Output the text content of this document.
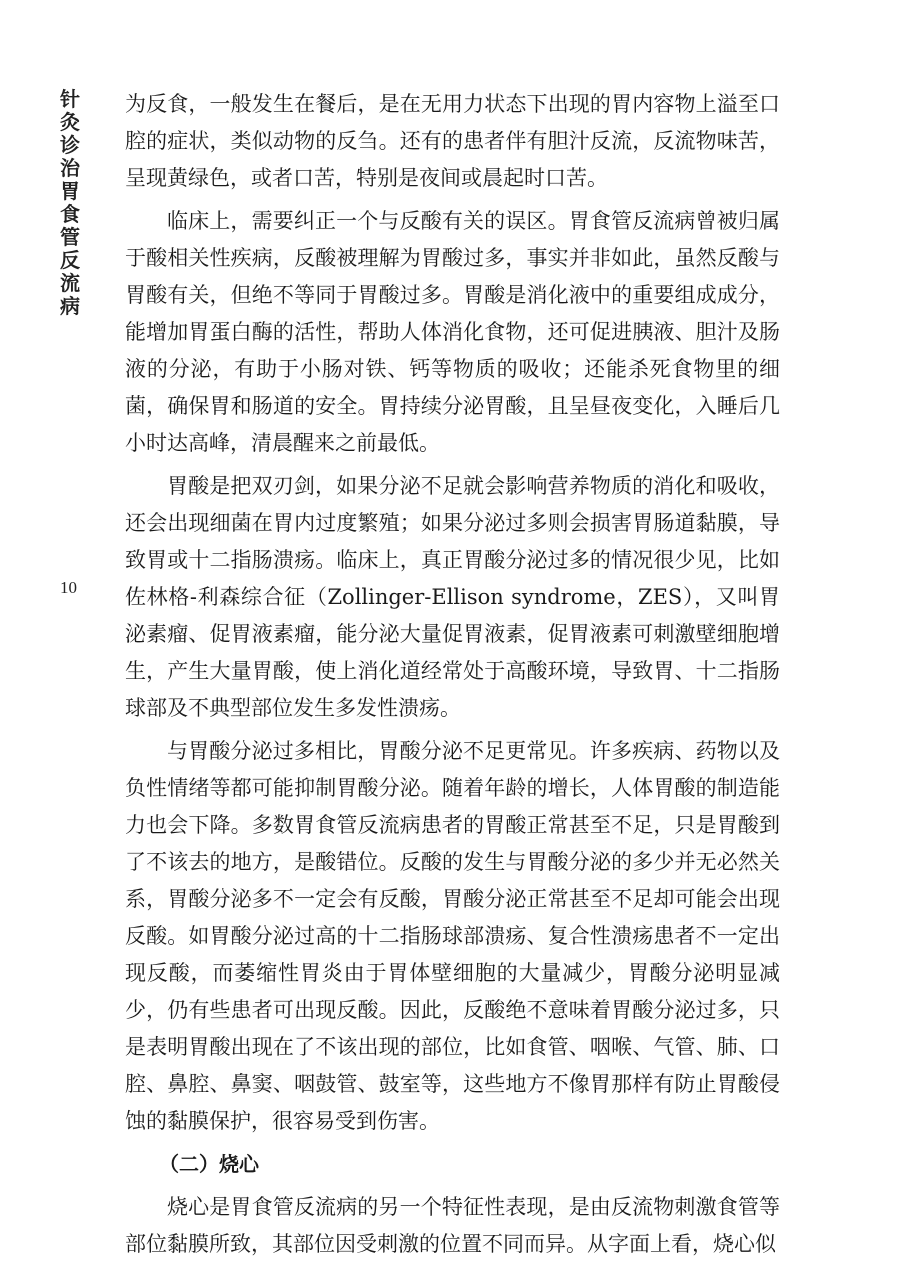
针灸诊治胃食管反流病
10

为反食，一般发生在餐后，是在无用力状态下出现的胃内容物上溢至口腔的症状，类似动物的反刍。还有的患者伴有胆汁反流，反流物味苦，呈现黄绿色，或者口苦，特别是夜间或晨起时口苦。

临床上，需要纠正一个与反酸有关的误区。胃食管反流病曾被归属于酸相关性疾病，反酸被理解为胃酸过多，事实并非如此，虽然反酸与胃酸有关，但绝不等同于胃酸过多。胃酸是消化液中的重要组成成分，能增加胃蛋白酶的活性，帮助人体消化食物，还可促进胰液、胆汁及肠液的分泌，有助于小肠对铁、钙等物质的吸收；还能杀死食物里的细菌，确保胃和肠道的安全。胃持续分泌胃酸，且呈昼夜变化，入睡后几小时达高峰，清晨醒来之前最低。

胃酸是把双刃剑，如果分泌不足就会影响营养物质的消化和吸收，还会出现细菌在胃内过度繁殖；如果分泌过多则会损害胃肠道黏膜，导致胃或十二指肠溃疡。临床上，真正胃酸分泌过多的情况很少见，比如佐林格-利森综合征（Zollinger-Ellison syndrome，ZES），又叫胃泌素瘤、促胃液素瘤，能分泌大量促胃液素，促胃液素可刺激壁细胞增生，产生大量胃酸，使上消化道经常处于高酸环境，导致胃、十二指肠球部及不典型部位发生多发性溃疡。

与胃酸分泌过多相比，胃酸分泌不足更常见。许多疾病、药物以及负性情绪等都可能抑制胃酸分泌。随着年龄的增长，人体胃酸的制造能力也会下降。多数胃食管反流病患者的胃酸正常甚至不足，只是胃酸到了不该去的地方，是酸错位。反酸的发生与胃酸分泌的多少并无必然关系，胃酸分泌多不一定会有反酸，胃酸分泌正常甚至不足却可能会出现反酸。如胃酸分泌过高的十二指肠球部溃疡、复合性溃疡患者不一定出现反酸，而萎缩性胃炎由于胃体壁细胞的大量减少，胃酸分泌明显减少，仍有些患者可出现反酸。因此，反酸绝不意味着胃酸分泌过多，只是表明胃酸出现在了不该出现的部位，比如食管、咽喉、气管、肺、口腔、鼻腔、鼻窦、咽鼓管、鼓室等，这些地方不像胃那样有防止胃酸侵蚀的黏膜保护，很容易受到伤害。

（二）烧心

烧心是胃食管反流病的另一个特征性表现，是由反流物刺激食管等部位黏膜所致，其部位因受刺激的位置不同而异。从字面上看，烧心似
